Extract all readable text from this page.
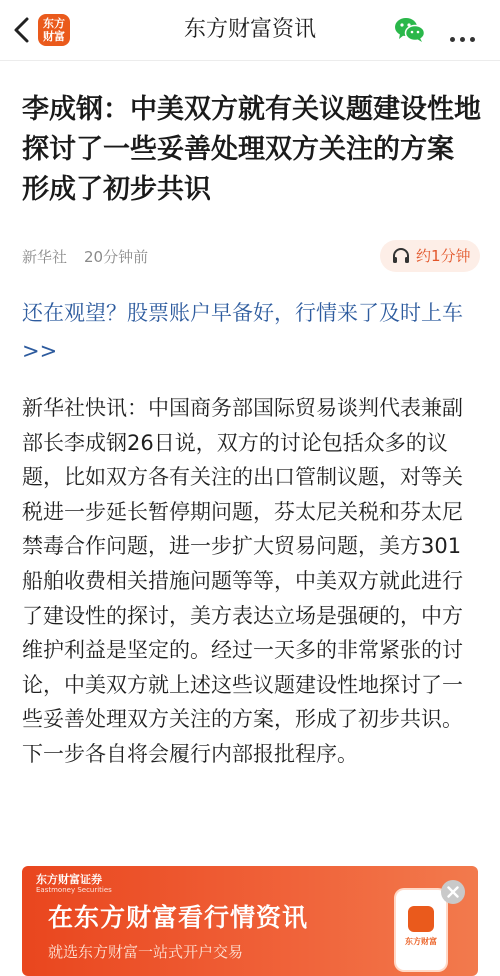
东方
财富	东方财富资讯
李成钢：中美双方就有关议题建设性地探讨了一些妥善处理双方关注的方案 形成了初步共识
新华社 20分钟前	约1分钟
还在观望？股票账户早备好，行情来了及时上车>>

新华社快讯：中国商务部国际贸易谈判代表兼副部长李成钢26日说，双方的讨论包括众多的议题，比如双方各有关注的出口管制议题，对等关税进一步延长暂停期问题，芬太尼关税和芬太尼禁毒合作问题，进一步扩大贸易问题，美方301船舶收费相关措施问题等等，中美双方就此进行了建设性的探讨，美方表达立场是强硬的，中方维护利益是坚定的。经过一天多的非常紧张的讨论，中美双方就上述这些议题建设性地探讨了一些妥善处理双方关注的方案，形成了初步共识。下一步各自将会履行内部报批程序。

东方财富证券
Eastmoney Securities
在东方财富看行情资讯
就选东方财富一站式开户交易
东方财富
